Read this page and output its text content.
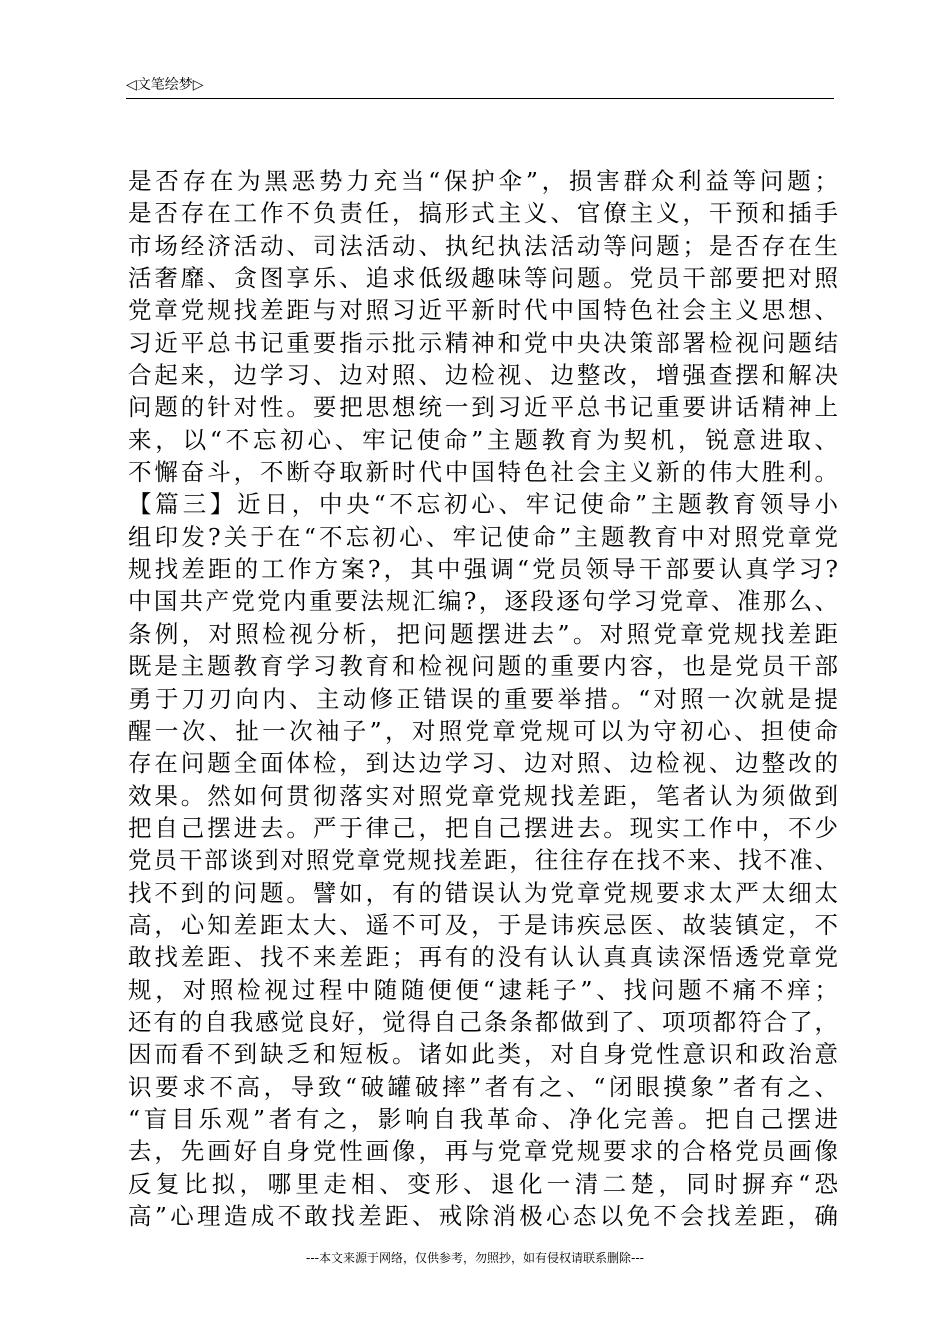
◁文笔绘梦▷
是否存在为黑恶势力充当“保护伞”，损害群众利益等问题；
是否存在工作不负责任，搞形式主义、官僚主义，干预和插手
市场经济活动、司法活动、执纪执法活动等问题；是否存在生
活奢靡、贪图享乐、追求低级趣味等问题。党员干部要把对照
党章党规找差距与对照习近平新时代中国特色社会主义思想、
习近平总书记重要指示批示精神和党中央决策部署检视问题结
合起来，边学习、边对照、边检视、边整改，增强查摆和解决
问题的针对性。要把思想统一到习近平总书记重要讲话精神上
来，以“不忘初心、牢记使命”主题教育为契机，锐意进取、
不懈奋斗，不断夺取新时代中国特色社会主义新的伟大胜利。
【篇三】近日，中央“不忘初心、牢记使命”主题教育领导小
组印发?关于在“不忘初心、牢记使命”主题教育中对照党章党
规找差距的工作方案?，其中强调“党员领导干部要认真学习?
中国共产党党内重要法规汇编?，逐段逐句学习党章、准那么、
条例，对照检视分析，把问题摆进去”。对照党章党规找差距
既是主题教育学习教育和检视问题的重要内容，也是党员干部
勇于刀刃向内、主动修正错误的重要举措。“对照一次就是提
醒一次、扯一次袖子”，对照党章党规可以为守初心、担使命
存在问题全面体检，到达边学习、边对照、边检视、边整改的
效果。然如何贯彻落实对照党章党规找差距，笔者认为须做到
把自己摆进去。严于律己，把自己摆进去。现实工作中，不少
党员干部谈到对照党章党规找差距，往往存在找不来、找不准、
找不到的问题。譬如，有的错误认为党章党规要求太严太细太
高，心知差距太大、遥不可及，于是讳疾忌医、故装镇定，不
敢找差距、找不来差距；再有的没有认认真真读深悟透党章党
规，对照检视过程中随随便便“逮耗子”、找问题不痛不痒；
还有的自我感觉良好，觉得自己条条都做到了、项项都符合了，
因而看不到缺乏和短板。诸如此类，对自身党性意识和政治意
识要求不高，导致“破罐破摔”者有之、“闭眼摸象”者有之、
“盲目乐观”者有之，影响自我革命、净化完善。把自己摆进
去，先画好自身党性画像，再与党章党规要求的合格党员画像
反复比拟，哪里走相、变形、退化一清二楚，同时摒弃“恐
高”心理造成不敢找差距、戒除消极心态以免不会找差距，确
---本文来源于网络，仅供参考，勿照抄，如有侵权请联系删除---
